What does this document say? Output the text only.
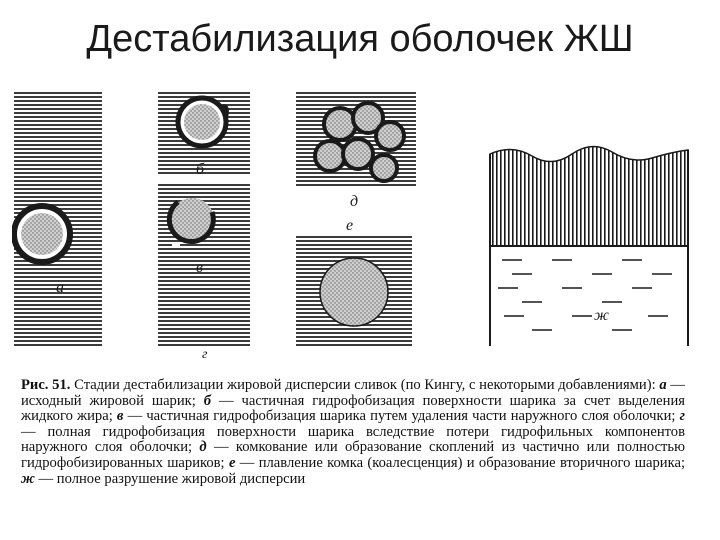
Дестабилизация оболочек ЖШ
а
б
в
г
д
е
ж
Рис. 51. Стадии дестабилизации жировой дисперсии сливок (по Кингу, с некоторыми добавлениями): а — исходный жировой шарик; б — частичная гидрофобизация поверхности шарика за счет выделения жидкого жира; в — частичная гидрофобизация шарика путем удаления части наружного слоя оболочки; г — полная гидрофобизация поверхности шарика вследствие потери гидрофильных компонентов наружного слоя оболочки; д — комкование или образование скоплений из частично или полностью гидрофобизированных шариков; е — плавление комка (коалесценция) и образование вторичного шарика; ж — полное разрушение жировой дисперсии
